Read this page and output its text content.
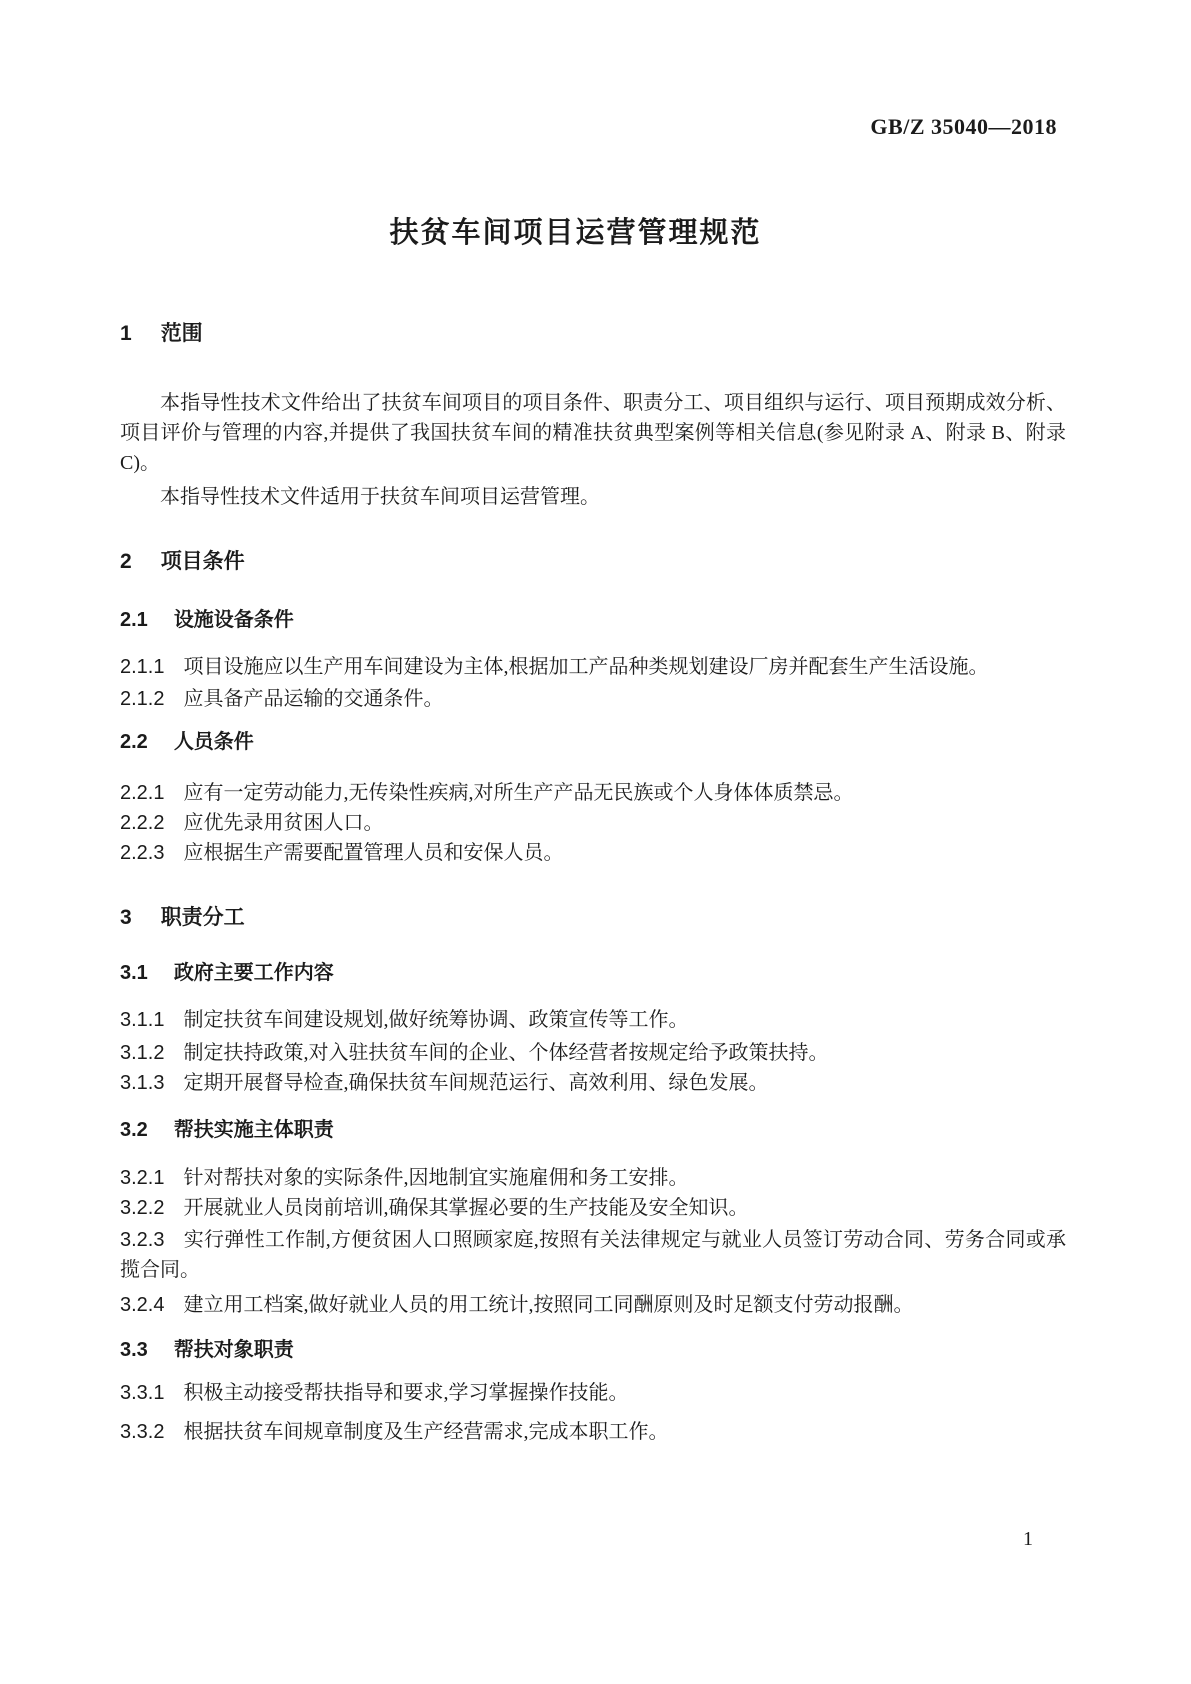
GB/Z 35040—2018
扶贫车间项目运营管理规范
1 范围

本指导性技术文件给出了扶贫车间项目的项目条件、职责分工、项目组织与运行、项目预期成效分析、项目评价与管理的内容,并提供了我国扶贫车间的精准扶贫典型案例等相关信息(参见附录 A、附录 B、附录 C)。

本指导性技术文件适用于扶贫车间项目运营管理。

2 项目条件
2.1 设施设备条件

2.1.1 项目设施应以生产用车间建设为主体,根据加工产品种类规划建设厂房并配套生产生活设施。

2.1.2 应具备产品运输的交通条件。

2.2 人员条件

2.2.1 应有一定劳动能力,无传染性疾病,对所生产产品无民族或个人身体体质禁忌。

2.2.2 应优先录用贫困人口。

2.2.3 应根据生产需要配置管理人员和安保人员。

3 职责分工
3.1 政府主要工作内容

3.1.1 制定扶贫车间建设规划,做好统筹协调、政策宣传等工作。

3.1.2 制定扶持政策,对入驻扶贫车间的企业、个体经营者按规定给予政策扶持。

3.1.3 定期开展督导检查,确保扶贫车间规范运行、高效利用、绿色发展。

3.2 帮扶实施主体职责

3.2.1 针对帮扶对象的实际条件,因地制宜实施雇佣和务工安排。

3.2.2 开展就业人员岗前培训,确保其掌握必要的生产技能及安全知识。

3.2.3 实行弹性工作制,方便贫困人口照顾家庭,按照有关法律规定与就业人员签订劳动合同、劳务合同或承揽合同。

3.2.4 建立用工档案,做好就业人员的用工统计,按照同工同酬原则及时足额支付劳动报酬。

3.3 帮扶对象职责

3.3.1 积极主动接受帮扶指导和要求,学习掌握操作技能。

3.3.2 根据扶贫车间规章制度及生产经营需求,完成本职工作。

1
